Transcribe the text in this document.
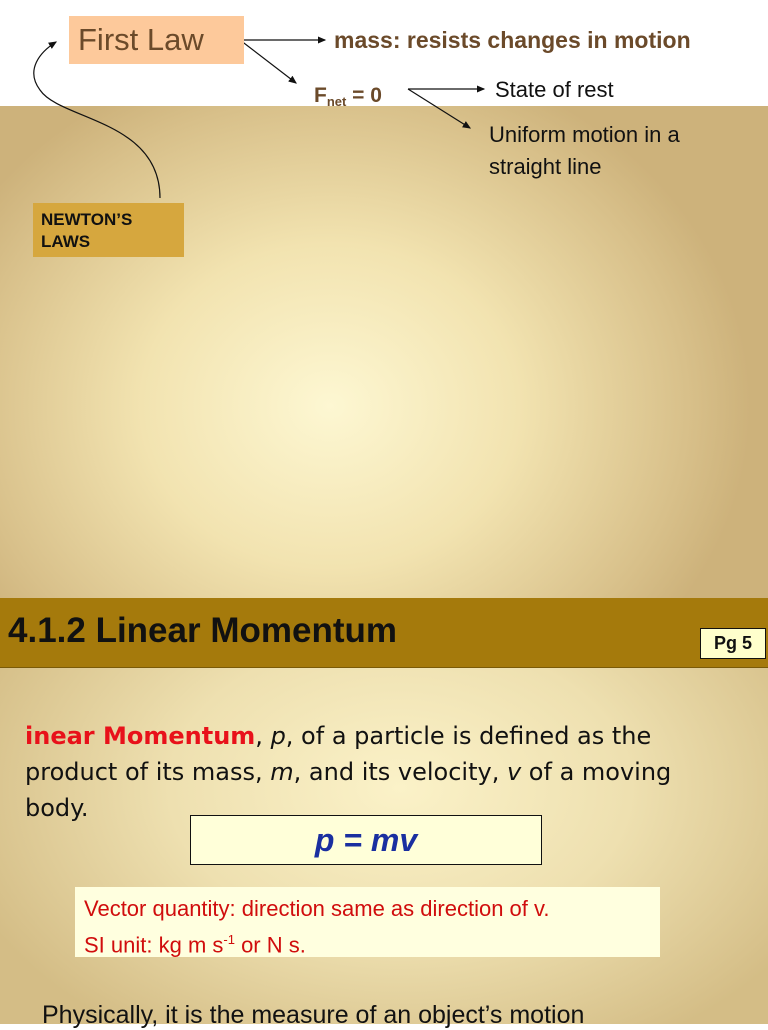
First Law	mass: resists changes in motion
$F_{net} = 0$	State of rest
Uniform motion in a straight line
NEWTON’S LAWS
4.1.2 Linear Momentum	Pg 5
inear Momentum, p, of a particle is defined as the product of its mass, m, and its velocity, v of a moving body.
p = mv
Vector quantity: direction same as direction of v.
SI unit: kg m $s^{-1}$ or N s.
Physically, it is the measure of an object’s motion
